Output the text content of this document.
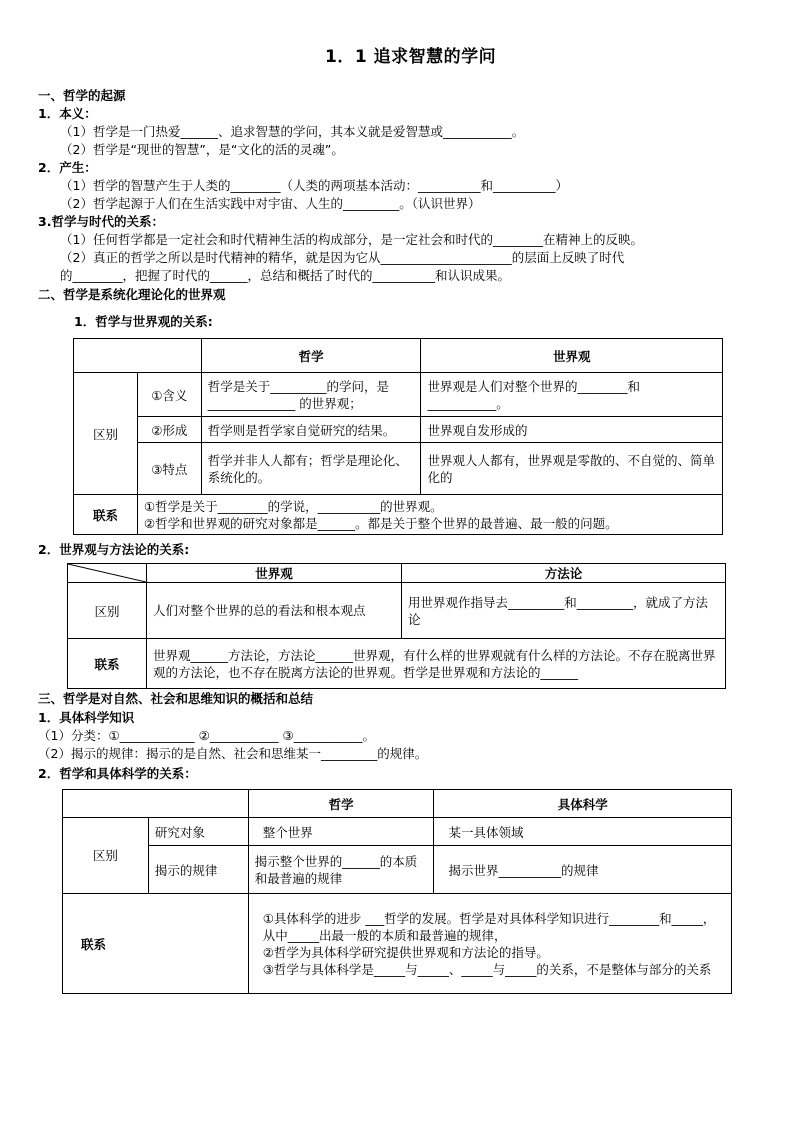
1．1 追求智慧的学问
一、哲学的起源
1．本义：
（1）哲学是一门热爱______、追求智慧的学问，其本义就是爱智慧或___________。
（2）哲学是“现世的智慧”，是“文化的活的灵魂”。
2．产生：
（1）哲学的智慧产生于人类的________（人类的两项基本活动：__________和__________）
（2）哲学起源于人们在生活实践中对宇宙、人生的_________。（认识世界）
3.哲学与时代的关系：
（1）任何哲学都是一定社会和时代精神生活的构成部分，是一定社会和时代的________在精神上的反映。
（2）真正的哲学之所以是时代精神的精华，就是因为它从_____________________的层面上反映了时代
的________，把握了时代的______，总结和概括了时代的__________和认识成果。
二、哲学是系统化理论化的世界观
1．哲学与世界观的关系:
		哲学	世界观
区别	①含义	哲学是关于_________的学问，是 ______________ 的世界观；	世界观是人们对整个世界的________和___________。
	②形成	哲学则是哲学家自觉研究的结果。	世界观自发形成的
	③特点	哲学并非人人都有；哲学是理论化、系统化的。	世界观人人都有，世界观是零散的、不自觉的、简单化的
联系	①哲学是关于________的学说，__________的世界观。
②哲学和世界观的研究对象都是______。都是关于整个世界的最普遍、最一般的问题。		
2．世界观与方法论的关系:
	世界观	方法论
区别	人们对整个世界的总的看法和根本观点	用世界观作指导去_________和_________，就成了方法论
联系	世界观______方法论，方法论______世界观，有什么样的世界观就有什么样的方法论。不存在脱离世界观的方法论，也不存在脱离方法论的世界观。哲学是世界观和方法论的______	
三、哲学是对自然、社会和思维知识的概括和总结
1．具体科学知识
（1）分类：①____________ ②___________ ③___________。
（2）揭示的规律：揭示的是自然、社会和思维某一_________的规律。
2．哲学和具体科学的关系：
		哲学	具体科学
区别	研究对象	整个世界	某一具体领域
	揭示的规律	揭示整个世界的______的本质和最普遍的规律	揭示世界__________的规律
联系		①具体科学的进步 ___哲学的发展。哲学是对具体科学知识进行________和_____，从中_____出最一般的本质和最普遍的规律，
②哲学为具体科学研究提供世界观和方法论的指导。
③哲学与具体科学是_____与_____、_____与_____的关系，不是整体与部分的关系	
